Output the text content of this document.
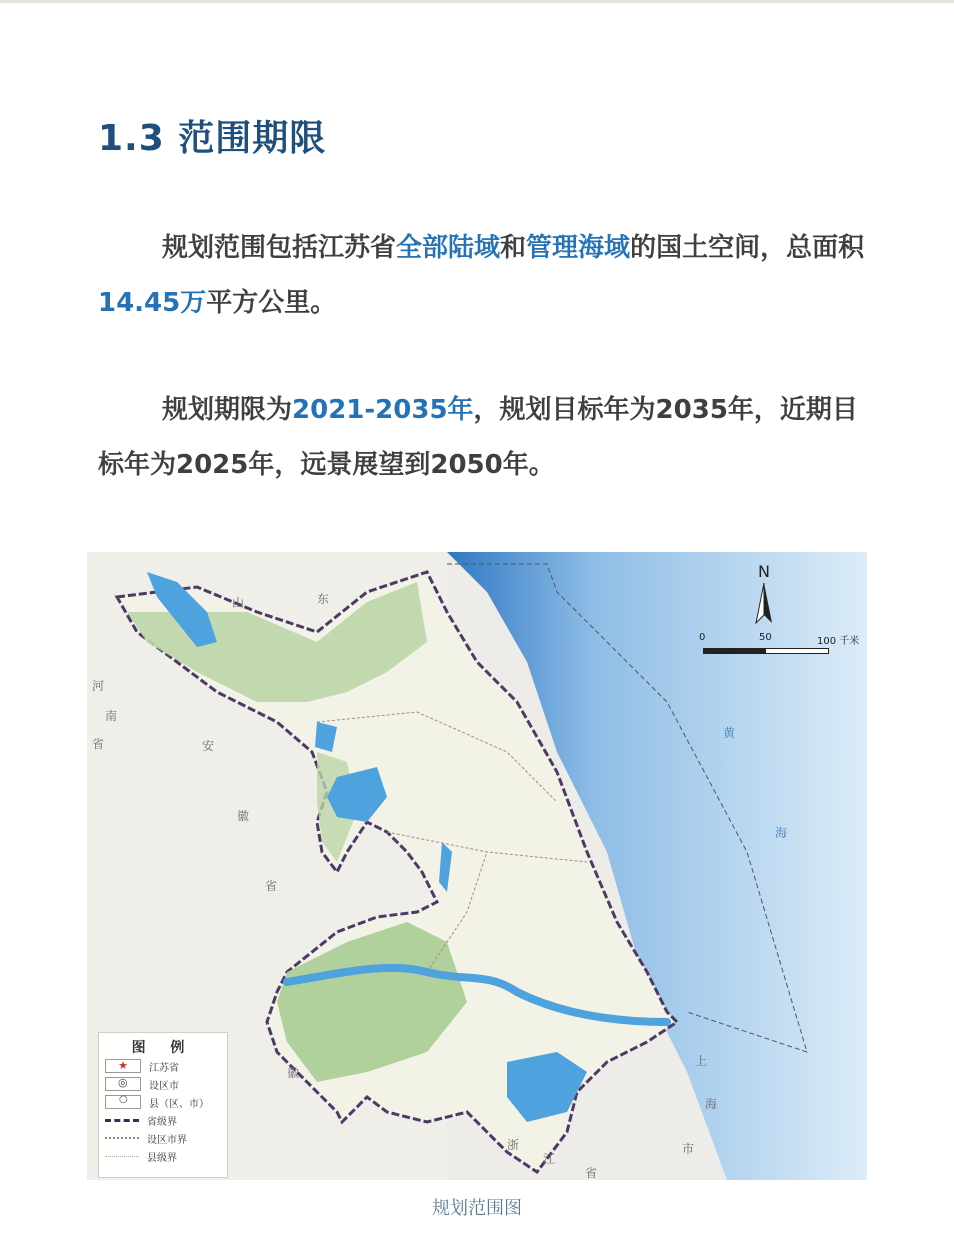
1.3 范围期限

规划范围包括江苏省全部陆域和管理海域的国土空间，总面积14.45万平方公里。

规划期限为2021-2035年，规划目标年为2035年，近期目标年为2025年，远景展望到2050年。

山	东
河
南
省	安
徽
省
黄
海
上
海
市
浙
江
省
徽
N
0	50	100 千米
图 例
★	江苏省
◎
设区市
○
县（区、市）
省级界
设区市界
县级界
规划范围图
